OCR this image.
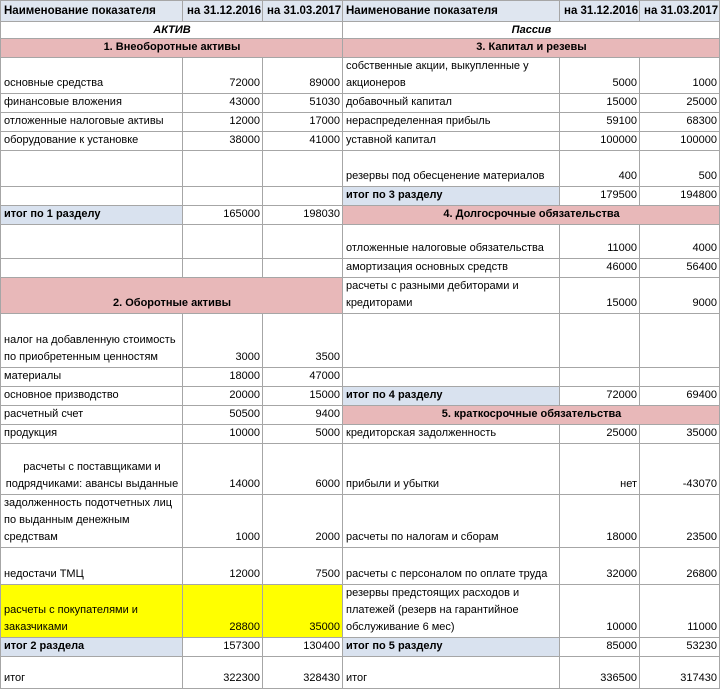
Наименование показателя	на 31.12.2016	на 31.03.2017	Наименование показателя	на 31.12.2016	на 31.03.2017
АКТИВ			Пассив		
1. Внеоборотные активы			3. Капитал и резевы		
основные средства	72000	89000	собственные акции, выкупленные у акционеров	5000	1000
финансовые вложения	43000	51030	добавочный капитал	15000	25000
отложенные налоговые активы	12000	17000	нераспределенная прибыль	59100	68300
оборудование к установке	38000	41000	уставной капитал	100000	100000
			резервы под обесценение материалов	400	500
			итог по 3 разделу	179500	194800
итог по 1 разделу	165000	198030	4. Долгосрочные обязательства		
			отложенные налоговые обязательства	11000	4000
			амортизация основных средств	46000	56400
2. Оборотные активы			расчеты с разными дебиторами и кредиторами	15000	9000
налог на добавленную стоимость по приобретенным ценностям	3000	3500			
материалы	18000	47000			
основное призводство	20000	15000	итог по 4 разделу	72000	69400
расчетный счет	50500	9400	5. краткосрочные обязательства		
продукция	10000	5000	кредиторская задолженность	25000	35000
расчеты с поставщиками и подрядчиками: авансы выданные	14000	6000	прибыли и убытки	нет	-43070
задолженность подотчетных лиц по выданным денежным средствам	1000	2000	расчеты по налогам и сборам	18000	23500
недостачи ТМЦ	12000	7500	расчеты с персоналом по оплате труда	32000	26800
расчеты с покупателями и заказчиками	28800	35000	резервы предстоящих расходов и платежей (резерв на гарантийное обслуживание 6 мес)	10000	11000
итог 2 раздела	157300	130400	итог по 5 разделу	85000	53230
итог	322300	328430	итог	336500	317430
